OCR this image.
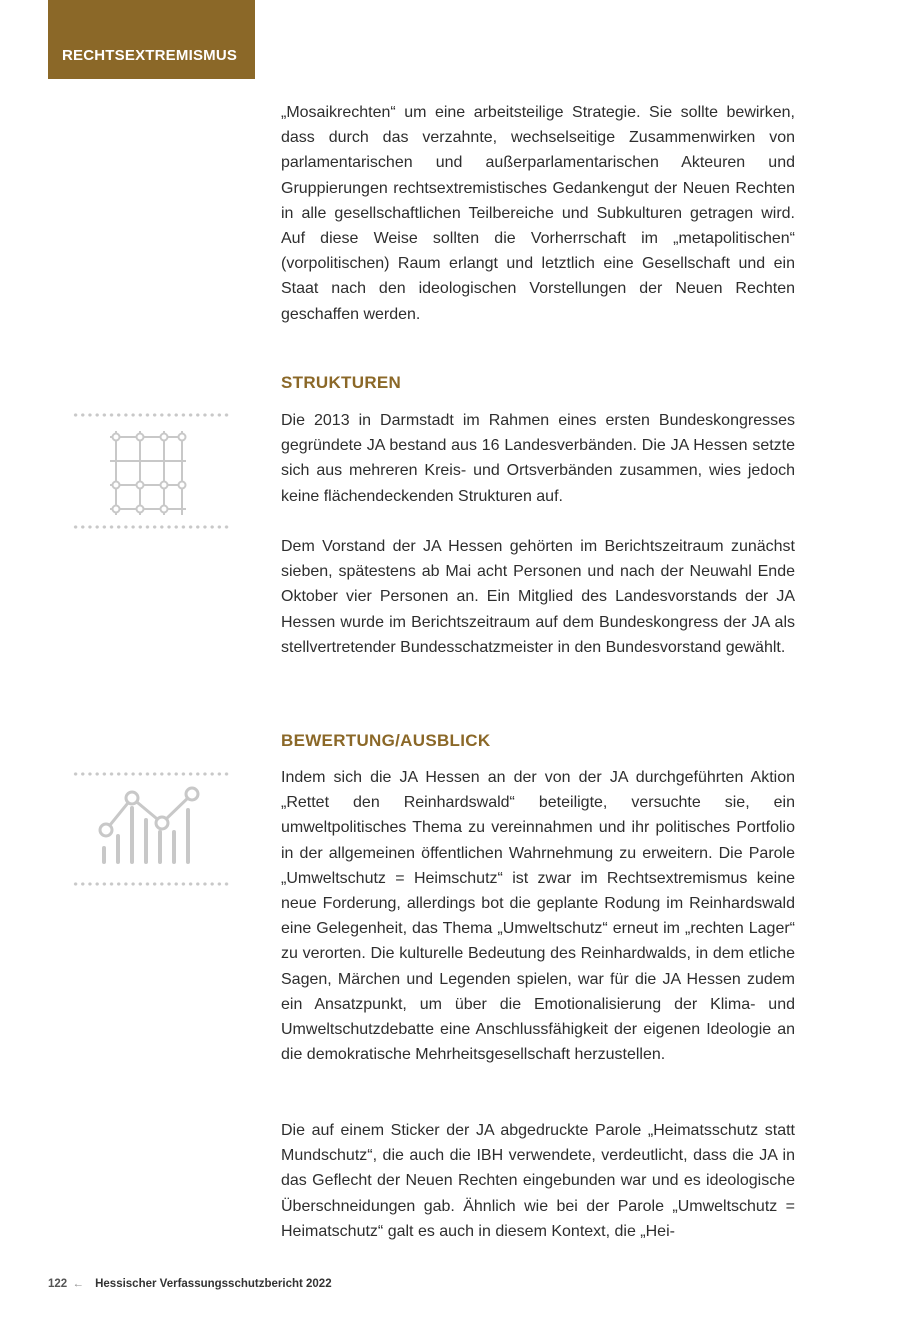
RECHTSEXTREMISMUS

„Mosaikrechten“ um eine arbeitsteilige Strategie. Sie sollte bewirken, dass durch das verzahnte, wechselseitige Zusammenwirken von parlamentarischen und außerparlamentarischen Akteuren und Gruppierungen rechtsextremistisches Gedankengut der Neuen Rechten in alle gesellschaftlichen Teilbereiche und Subkulturen getragen wird. Auf diese Weise sollten die Vorherrschaft im „metapolitischen“ (vorpolitischen) Raum erlangt und letztlich eine Gesellschaft und ein Staat nach den ideologischen Vorstellungen der Neuen Rechten geschaffen werden.

STRUKTUREN

Die 2013 in Darmstadt im Rahmen eines ersten Bundeskongresses gegründete JA bestand aus 16 Landesverbänden. Die JA Hessen setzte sich aus mehreren Kreis- und Ortsverbänden zusammen, wies jedoch keine flächendeckenden Strukturen auf.

Dem Vorstand der JA Hessen gehörten im Berichtszeitraum zunächst sieben, spätestens ab Mai acht Personen und nach der Neuwahl Ende Oktober vier Personen an. Ein Mitglied des Landesvorstands der JA Hessen wurde im Berichtszeitraum auf dem Bundeskongress der JA als stellvertretender Bundesschatzmeister in den Bundesvorstand gewählt.

BEWERTUNG/AUSBLICK

Indem sich die JA Hessen an der von der JA durchgeführten Aktion „Rettet den Reinhardswald“ beteiligte, versuchte sie, ein umweltpolitisches Thema zu vereinnahmen und ihr politisches Portfolio in der allgemeinen öffentlichen Wahrnehmung zu erweitern. Die Parole „Umweltschutz = Heimschutz“ ist zwar im Rechtsextremismus keine neue Forderung, allerdings bot die geplante Rodung im Reinhardswald eine Gelegenheit, das Thema „Umweltschutz“ erneut im „rechten Lager“ zu verorten. Die kulturelle Bedeutung des Reinhardwalds, in dem etliche Sagen, Märchen und Legenden spielen, war für die JA Hessen zudem ein Ansatzpunkt, um über die Emotionalisierung der Klima- und Umweltschutzdebatte eine Anschlussfähigkeit der eigenen Ideologie an die demokratische Mehrheitsgesellschaft herzustellen.

Die auf einem Sticker der JA abgedruckte Parole „Heimatsschutz statt Mundschutz“, die auch die IBH verwendete, verdeutlicht, dass die JA in das Geflecht der Neuen Rechten eingebunden war und es ideologische Überschneidungen gab. Ähnlich wie bei der Parole „Umweltschutz = Heimatschutz“ galt es auch in diesem Kontext, die „Hei-

122 ← Hessischer Verfassungsschutzbericht 2022
